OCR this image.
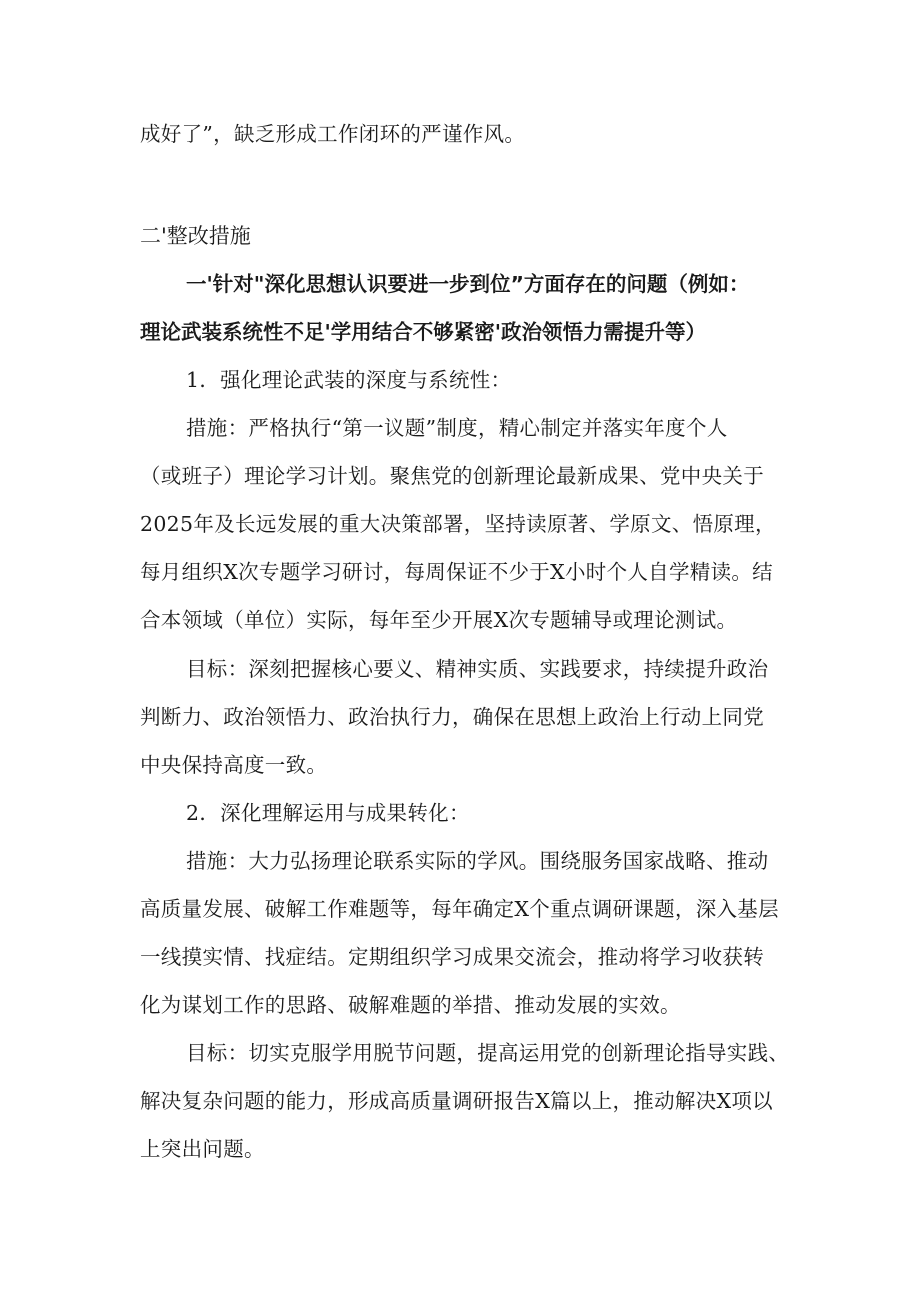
成好了”，缺乏形成工作闭环的严谨作风。
二'整改措施
一'针对"深化思想认识要进一步到位”方面存在的问题（例如：
理论武装系统性不足'学用结合不够紧密'政治领悟力需提升等）
1．强化理论武装的深度与系统性：
措施：严格执行“第一议题”制度，精心制定并落实年度个人
（或班子）理论学习计划。聚焦党的创新理论最新成果、党中央关于
2025年及长远发展的重大决策部署，坚持读原著、学原文、悟原理，
每月组织X次专题学习研讨，每周保证不少于X小时个人自学精读。结
合本领域（单位）实际，每年至少开展X次专题辅导或理论测试。
目标：深刻把握核心要义、精神实质、实践要求，持续提升政治
判断力、政治领悟力、政治执行力，确保在思想上政治上行动上同党
中央保持高度一致。
2．深化理解运用与成果转化：
措施：大力弘扬理论联系实际的学风。围绕服务国家战略、推动
高质量发展、破解工作难题等，每年确定X个重点调研课题，深入基层
一线摸实情、找症结。定期组织学习成果交流会，推动将学习收获转
化为谋划工作的思路、破解难题的举措、推动发展的实效。
目标：切实克服学用脱节问题，提高运用党的创新理论指导实践、
解决复杂问题的能力，形成高质量调研报告X篇以上，推动解决X项以
上突出问题。
